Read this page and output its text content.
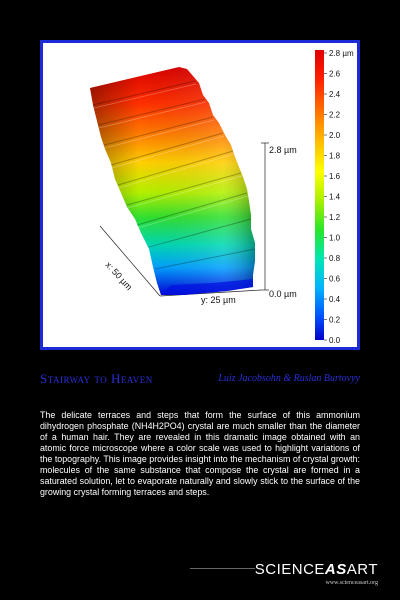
x: 50 µm
y: 25 µm
2.8 µm
0.0 µm
2.8 µm
2.6
2.4
2.2
2.0
1.8
1.6
1.4
1.2
1.0
0.8
0.6
0.4
0.2
0.0
Stairway to Heaven	Luiz Jacobsohn & Ruslan Burtovyy

The delicate terraces and steps that form the surface of this ammonium dihydrogen phosphate (NH4H2PO4) crystal are much smaller than the diameter of a human hair. They are revealed in this dramatic image obtained with an atomic force microscope where a color scale was used to highlight variations of the topography. This image provides insight into the mechanism of crystal growth: molecules of the same substance that compose the crystal are formed in a saturated solution, let to evaporate naturally and slowly stick to the surface of the growing crystal forming terraces and steps.

SCIENCEASART
www.scienceasart.org
